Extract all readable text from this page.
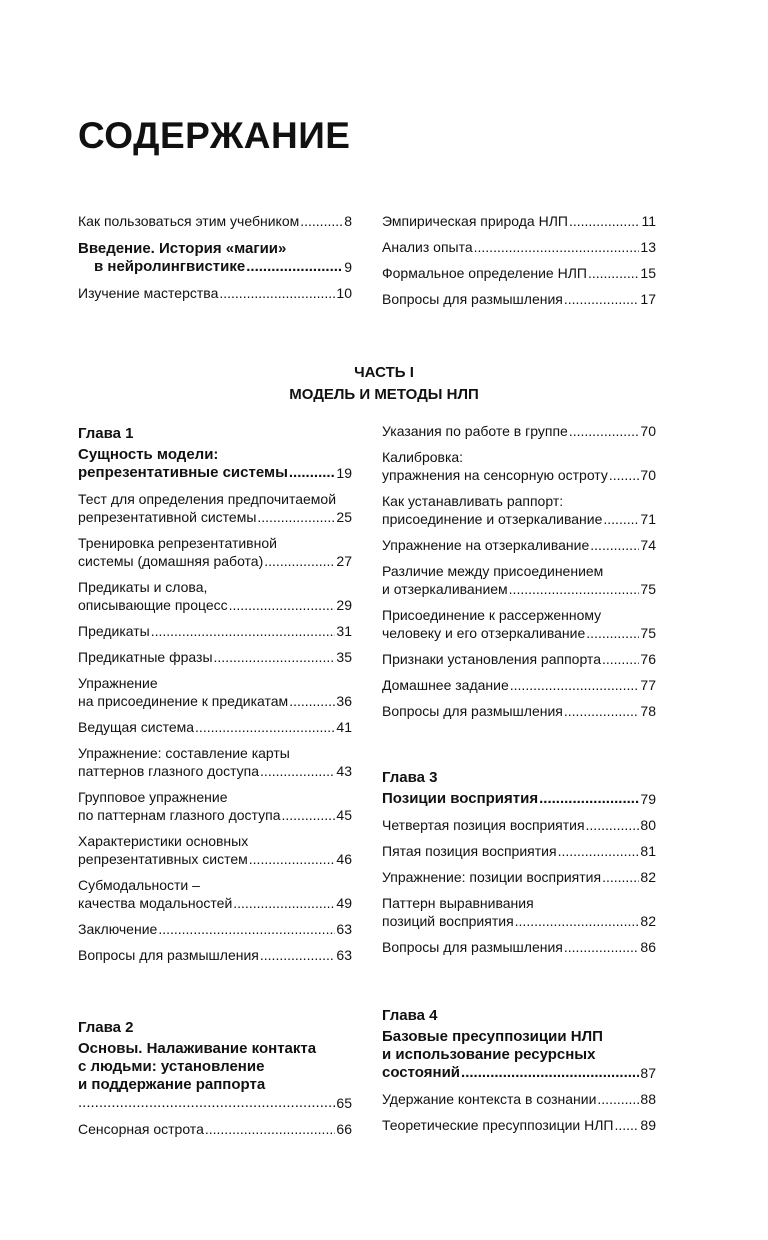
СОДЕРЖАНИЕ
Как пользоваться этим учебником .....	8
Введение. История «магии»
в нейролингвистике .....	9
Изучение мастерства .....	10
Эмпирическая природа НЛП .....	11
Анализ опыта .....	13
Формальное определение НЛП .....	15
Вопросы для размышления .....	17
ЧАСТЬ I
МОДЕЛЬ И МЕТОДЫ НЛП
Глава 1
Сущность модели:
репрезентативные системы .....	19
Тест для определения предпочитаемой
репрезентативной системы .....	25
Тренировка репрезентативной
системы (домашняя работа) .....	27
Предикаты и слова,
описывающие процесс .....	29
Предикаты .....	31
Предикатные фразы .....	35
Упражнение
на присоединение к предикатам .....	36
Ведущая система .....	41
Упражнение: составление карты
паттернов глазного доступа .....	43
Групповое упражнение
по паттернам глазного доступа .....	45
Характеристики основных
репрезентативных систем .....	46
Субмодальности –
качества модальностей .....	49
Заключение .....	63
Вопросы для размышления .....	63
Глава 2
Основы. Налаживание контакта
с людьми: установление
и поддержание раппорта
.....
65
Сенсорная острота .....	66
Указания по работе в группе .....	70
Калибровка:
упражнения на сенсорную остроту ..... 70
Как устанавливать раппорт:
присоединение и отзеркаливание .....	71
Упражнение на отзеркаливание .....	74
Различие между присоединением
и отзеркаливанием .....	75
Присоединение к рассерженному
человеку и его отзеркаливание .....	75
Признаки установления раппорта .....	76
Домашнее задание .....	77
Вопросы для размышления .....	78
Глава 3
Позиции восприятия .....	79
Четвертая позиция восприятия .....	80
Пятая позиция восприятия .....	81
Упражнение: позиции восприятия .....	82
Паттерн выравнивания
позиций восприятия .....	82
Вопросы для размышления .....	86
Глава 4
Базовые пресуппозиции НЛП
и использование ресурсных
состояний .....	87
Удержание контекста в сознании .....	88
Теоретические пресуппозиции НЛП ..... 89
